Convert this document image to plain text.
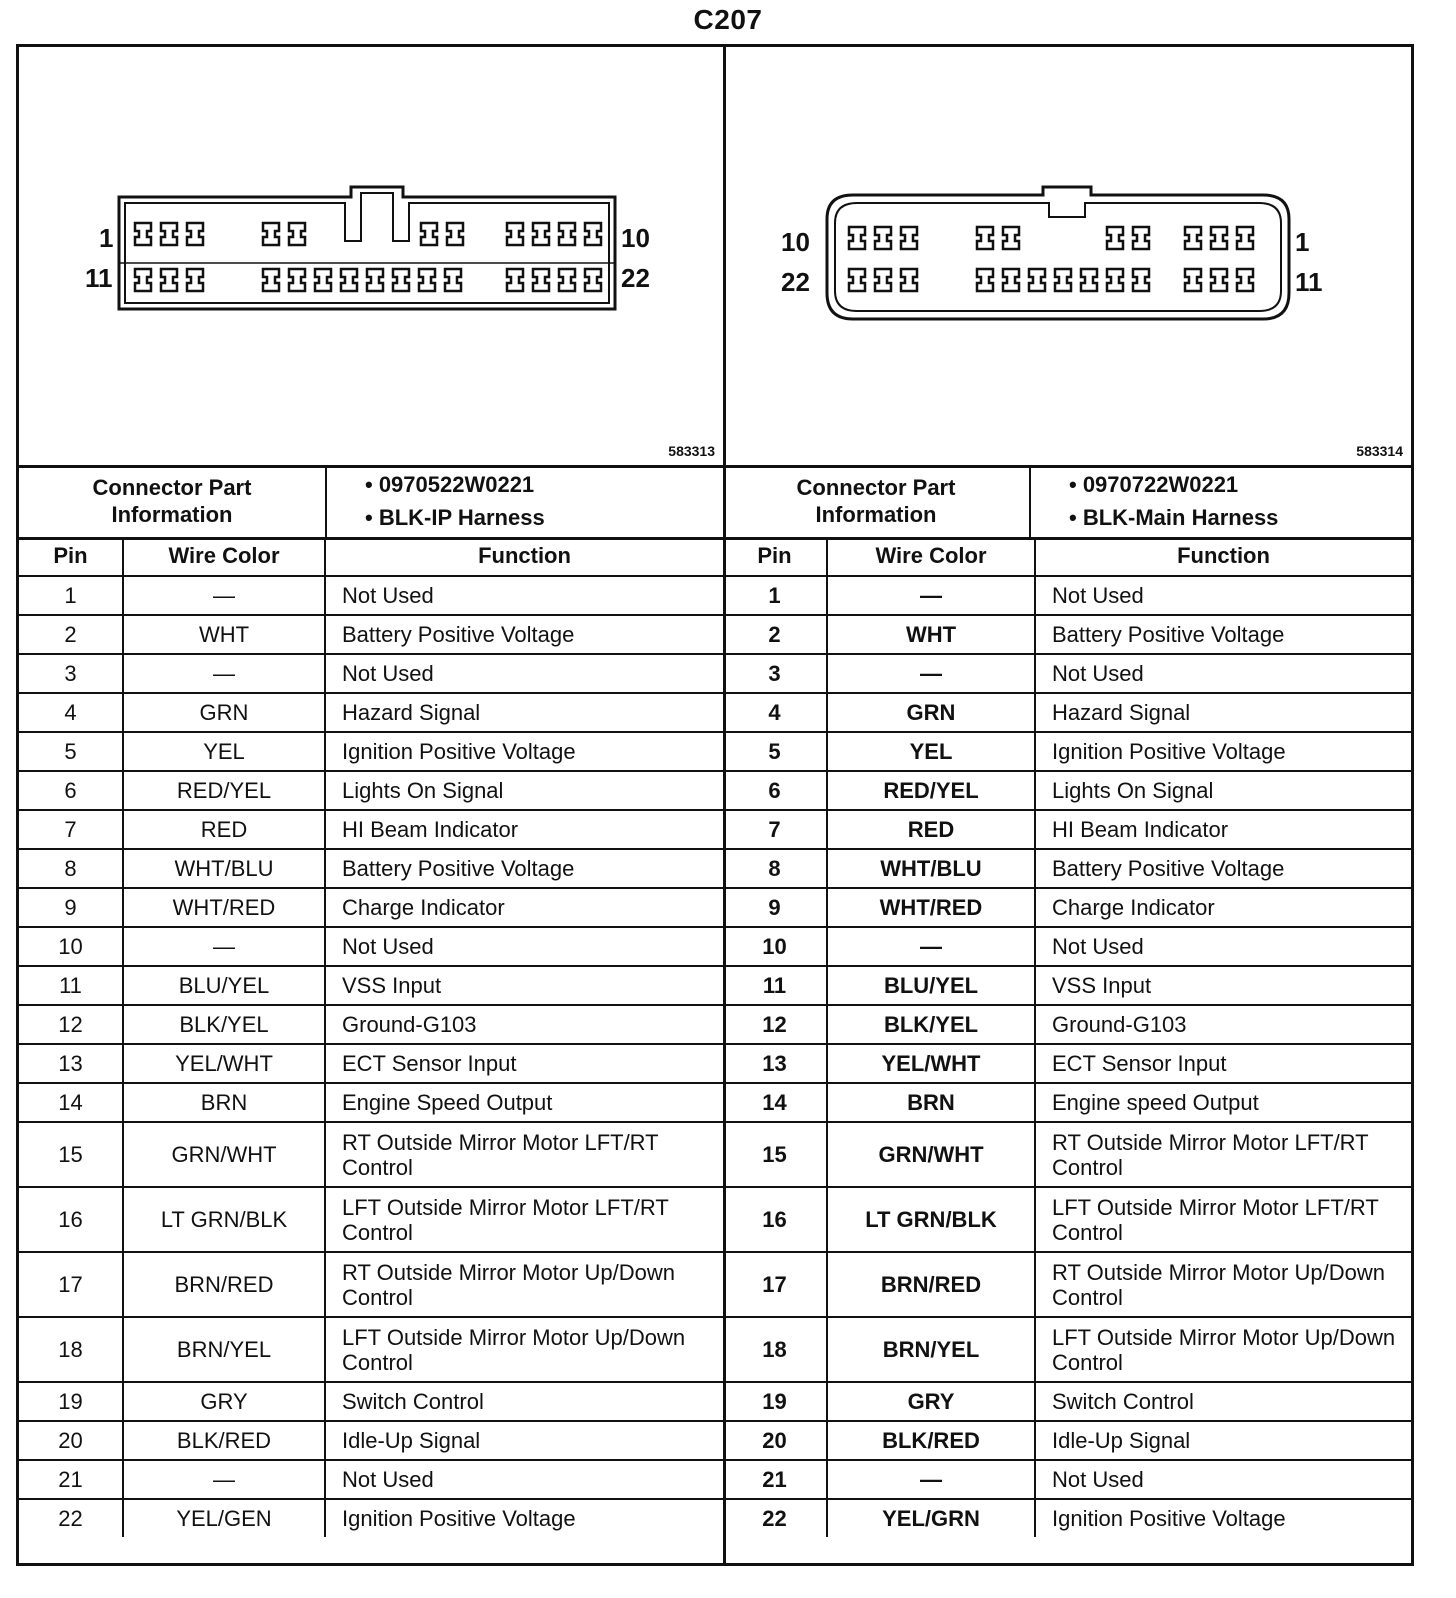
C207
1
11
10
22
583313
Connector Part
Information
• 0970522W0221
• BLK-IP Harness
Pin	Wire Color	Function
1	—	Not Used
2	WHT	Battery Positive Voltage
3	—	Not Used
4	GRN	Hazard Signal
5	YEL	Ignition Positive Voltage
6	RED/YEL	Lights On Signal
7	RED	HI Beam Indicator
8	WHT/BLU	Battery Positive Voltage
9	WHT/RED	Charge Indicator
10	—	Not Used
11	BLU/YEL	VSS Input
12	BLK/YEL	Ground-G103
13	YEL/WHT	ECT Sensor Input
14	BRN	Engine Speed Output
15	GRN/WHT	RT Outside Mirror Motor LFT/RT Control
16	LT GRN/BLK	LFT Outside Mirror Motor LFT/RT Control
17	BRN/RED	RT Outside Mirror Motor Up/Down Control
18	BRN/YEL	LFT Outside Mirror Motor Up/Down Control
19	GRY	Switch Control
20	BLK/RED	Idle-Up Signal
21	—	Not Used
22	YEL/GEN	Ignition Positive Voltage
10
22
1
11
583314
Connector Part
Information
• 0970722W0221
• BLK-Main Harness
Pin	Wire Color	Function
1	—	Not Used
2	WHT	Battery Positive Voltage
3	—	Not Used
4	GRN	Hazard Signal
5	YEL	Ignition Positive Voltage
6	RED/YEL	Lights On Signal
7	RED	HI Beam Indicator
8	WHT/BLU	Battery Positive Voltage
9	WHT/RED	Charge Indicator
10	—	Not Used
11	BLU/YEL	VSS Input
12	BLK/YEL	Ground-G103
13	YEL/WHT	ECT Sensor Input
14	BRN	Engine speed Output
15	GRN/WHT	RT Outside Mirror Motor LFT/RT Control
16	LT GRN/BLK	LFT Outside Mirror Motor LFT/RT Control
17	BRN/RED	RT Outside Mirror Motor Up/Down Control
18	BRN/YEL	LFT Outside Mirror Motor Up/Down Control
19	GRY	Switch Control
20	BLK/RED	Idle-Up Signal
21	—	Not Used
22	YEL/GRN	Ignition Positive Voltage
